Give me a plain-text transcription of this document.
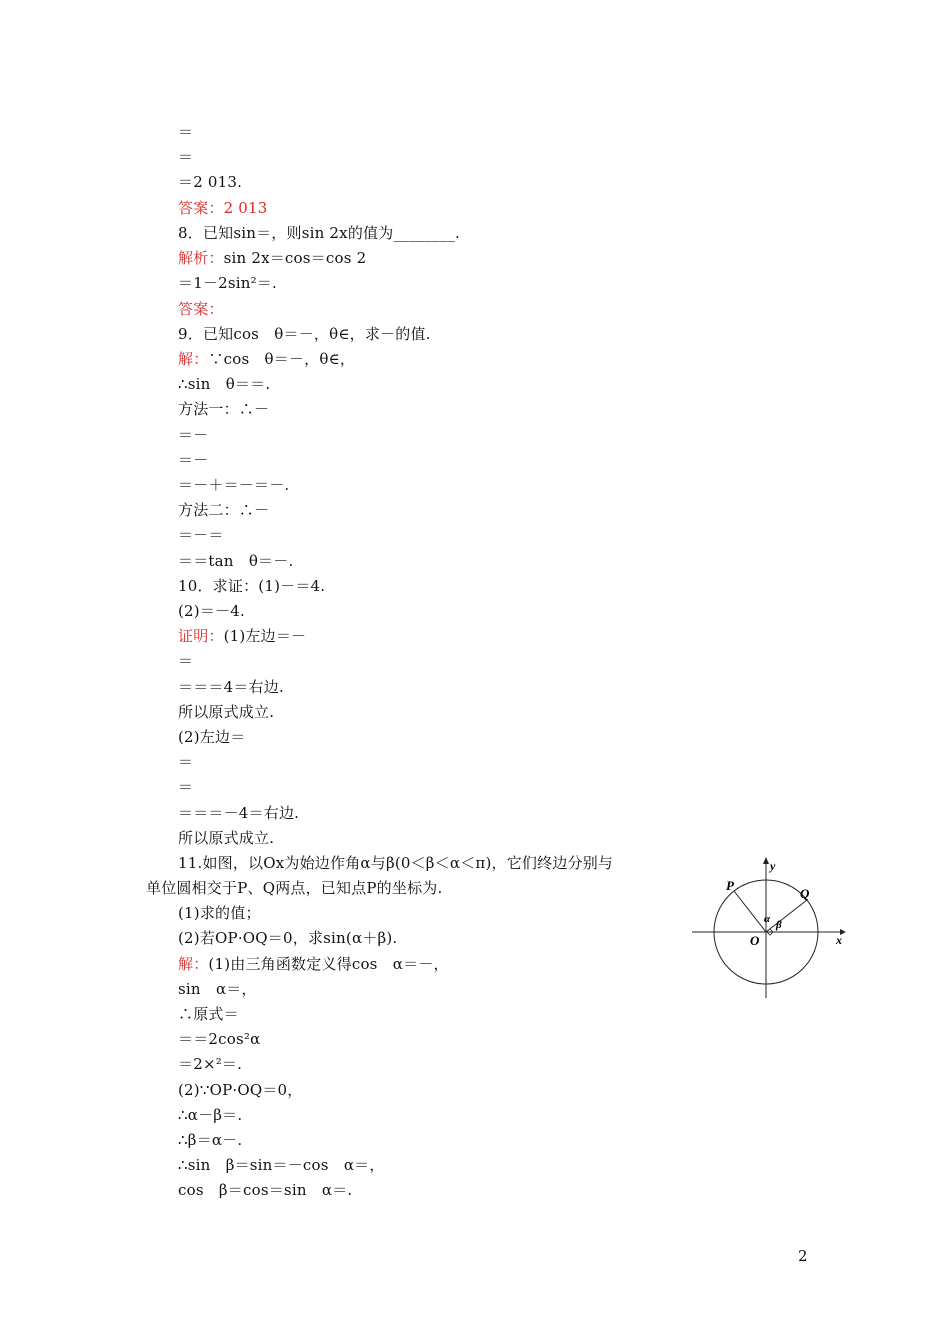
＝
＝
＝2 013.
答案：2 013
8．已知sin＝，则sin 2x的值为________.
解析：sin 2x＝cos＝cos 2
＝1－2sin²＝.
答案：
9．已知cos　θ＝－，θ∈，求－的值.
解：∵cos　θ＝－，θ∈，
∴sin　θ＝＝.
方法一：∴－
＝－
＝－
＝－＋＝－＝－.
方法二：∴－
＝－＝
＝＝tan　θ＝－.
10．求证：(1)－＝4.
(2)＝－4.
证明：(1)左边＝－
＝
＝＝＝4＝右边.
所以原式成立.
(2)左边＝
＝
＝
＝＝＝－4＝右边.
所以原式成立.
11.如图，以Ox为始边作角α与β(0＜β＜α＜π)，它们终边分别与
单位圆相交于P、Q两点，已知点P的坐标为.
(1)求的值；
(2)若OP·OQ＝0，求sin(α＋β).
解：(1)由三角函数定义得cos　α＝－，
sin　α＝，
∴原式＝
＝＝2cos²α
＝2×²＝.
(2)∵OP·OQ＝0，
∴α－β＝.
∴β＝α－.
∴sin　β＝sin＝－cos　α＝，
cos　β＝cos＝sin　α＝.
y
x
P
Q
O
α β
2
